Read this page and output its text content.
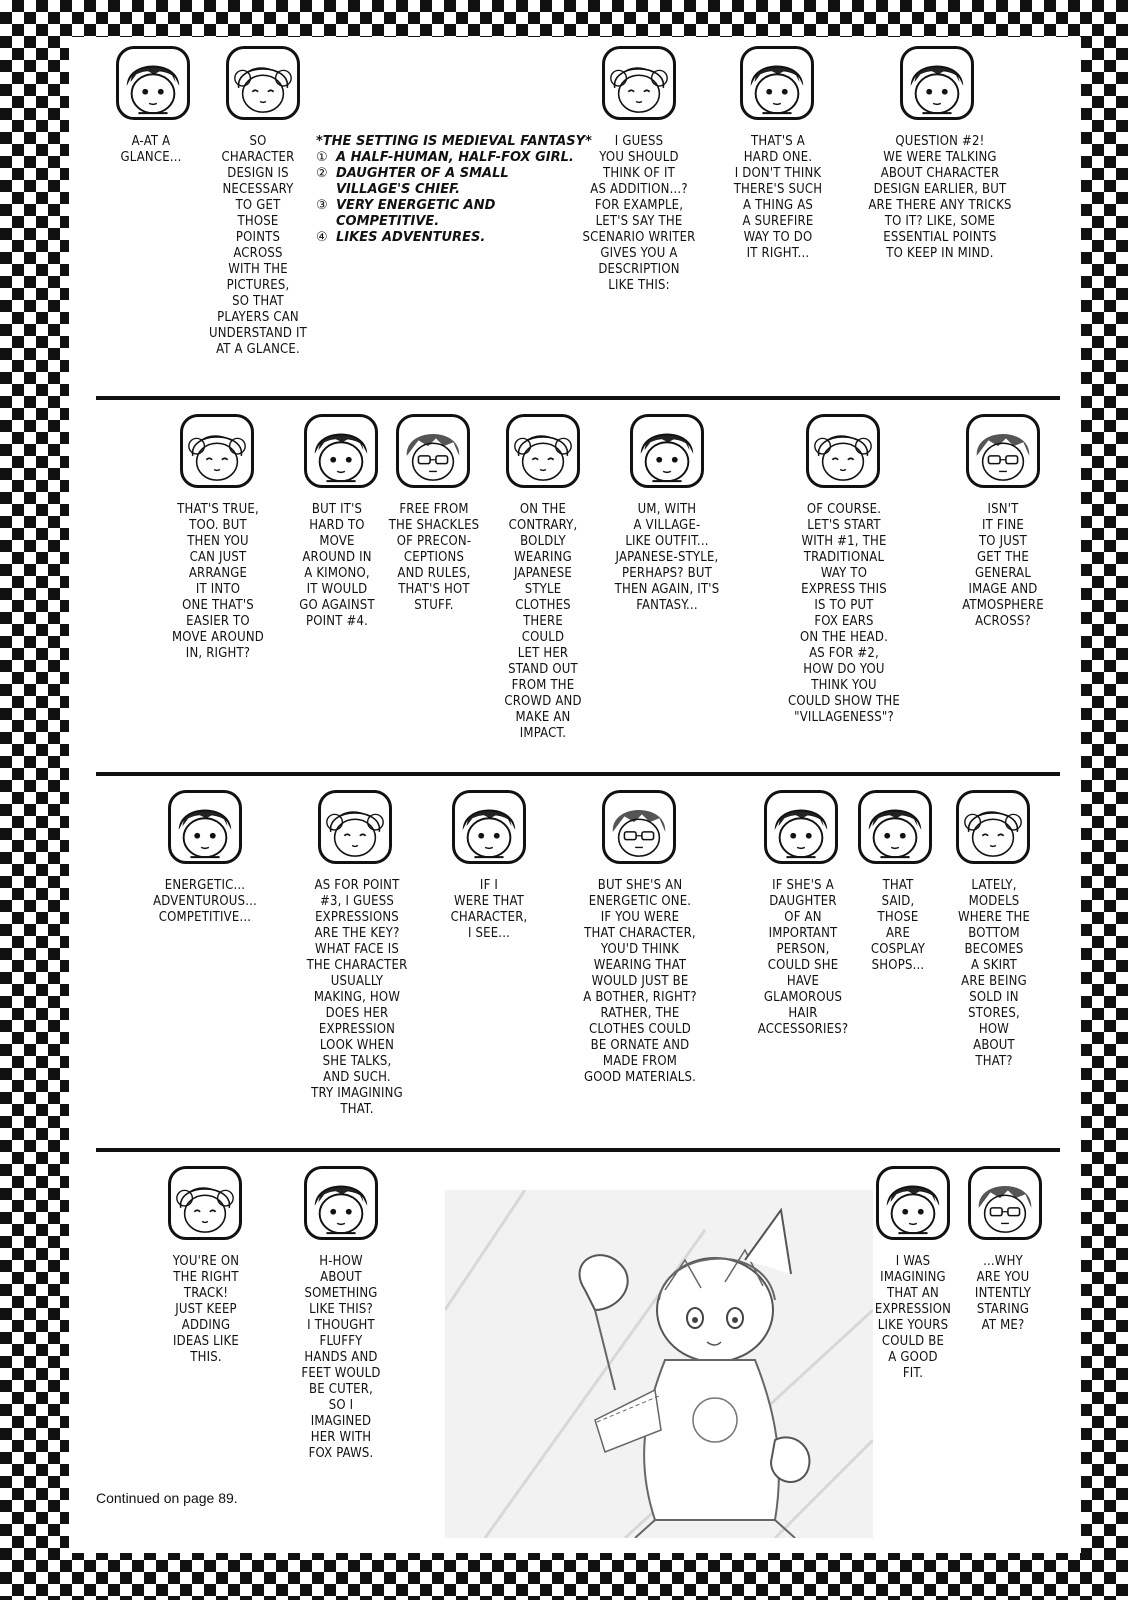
A-AT A
GLANCE...
SO
CHARACTER
DESIGN IS
NECESSARY
TO GET
THOSE
POINTS
ACROSS
WITH THE
PICTURES,
SO THAT
PLAYERS CAN
UNDERSTAND IT
AT A GLANCE.
*THE SETTING IS MEDIEVAL FANTASY*
① A HALF-HUMAN, HALF-FOX GIRL.
② DAUGHTER OF A SMALL
VILLAGE'S CHIEF.
③ VERY ENERGETIC AND
COMPETITIVE.
④ LIKES ADVENTURES.
I GUESS
YOU SHOULD
THINK OF IT
AS ADDITION...?
FOR EXAMPLE,
LET'S SAY THE
SCENARIO WRITER
GIVES YOU A
DESCRIPTION
LIKE THIS:
THAT'S A
HARD ONE.
I DON'T THINK
THERE'S SUCH
A THING AS
A SUREFIRE
WAY TO DO
IT RIGHT...
QUESTION #2!
WE WERE TALKING
ABOUT CHARACTER
DESIGN EARLIER, BUT
ARE THERE ANY TRICKS
TO IT? LIKE, SOME
ESSENTIAL POINTS
TO KEEP IN MIND.
THAT'S TRUE,
TOO. BUT
THEN YOU
CAN JUST
ARRANGE
IT INTO
ONE THAT'S
EASIER TO
MOVE AROUND
IN, RIGHT?
BUT IT'S
HARD TO
MOVE
AROUND IN
A KIMONO,
IT WOULD
GO AGAINST
POINT #4.
FREE FROM
THE SHACKLES
OF PRECON-
CEPTIONS
AND RULES,
THAT'S HOT
STUFF.
ON THE
CONTRARY,
BOLDLY
WEARING
JAPANESE
STYLE
CLOTHES
THERE
COULD
LET HER
STAND OUT
FROM THE
CROWD AND
MAKE AN
IMPACT.
UM, WITH
A VILLAGE-
LIKE OUTFIT...
JAPANESE-STYLE,
PERHAPS? BUT
THEN AGAIN, IT'S
FANTASY...
OF COURSE.
LET'S START
WITH #1, THE
TRADITIONAL
WAY TO
EXPRESS THIS
IS TO PUT
FOX EARS
ON THE HEAD.
AS FOR #2,
HOW DO YOU
THINK YOU
COULD SHOW THE
"VILLAGENESS"?
ISN'T
IT FINE
TO JUST
GET THE
GENERAL
IMAGE AND
ATMOSPHERE
ACROSS?
ENERGETIC...
ADVENTUROUS...
COMPETITIVE...
AS FOR POINT
#3, I GUESS
EXPRESSIONS
ARE THE KEY?
WHAT FACE IS
THE CHARACTER
USUALLY
MAKING, HOW
DOES HER
EXPRESSION
LOOK WHEN
SHE TALKS,
AND SUCH.
TRY IMAGINING
THAT.
IF I
WERE THAT
CHARACTER,
I SEE...
BUT SHE'S AN
ENERGETIC ONE.
IF YOU WERE
THAT CHARACTER,
YOU'D THINK
WEARING THAT
WOULD JUST BE
A BOTHER, RIGHT?
RATHER, THE
CLOTHES COULD
BE ORNATE AND
MADE FROM
GOOD MATERIALS.
IF SHE'S A
DAUGHTER
OF AN
IMPORTANT
PERSON,
COULD SHE
HAVE
GLAMOROUS
HAIR
ACCESSORIES?
THAT
SAID,
THOSE
ARE
COSPLAY
SHOPS...
LATELY,
MODELS
WHERE THE
BOTTOM
BECOMES
A SKIRT
ARE BEING
SOLD IN
STORES,
HOW
ABOUT
THAT?
YOU'RE ON
THE RIGHT
TRACK!
JUST KEEP
ADDING
IDEAS LIKE
THIS.
H-HOW
ABOUT
SOMETHING
LIKE THIS?
I THOUGHT
FLUFFY
HANDS AND
FEET WOULD
BE CUTER,
SO I
IMAGINED
HER WITH
FOX PAWS.
I WAS
IMAGINING
THAT AN
EXPRESSION
LIKE YOURS
COULD BE
A GOOD
FIT.
...WHY
ARE YOU
INTENTLY
STARING
AT ME?
Continued on page 89.
